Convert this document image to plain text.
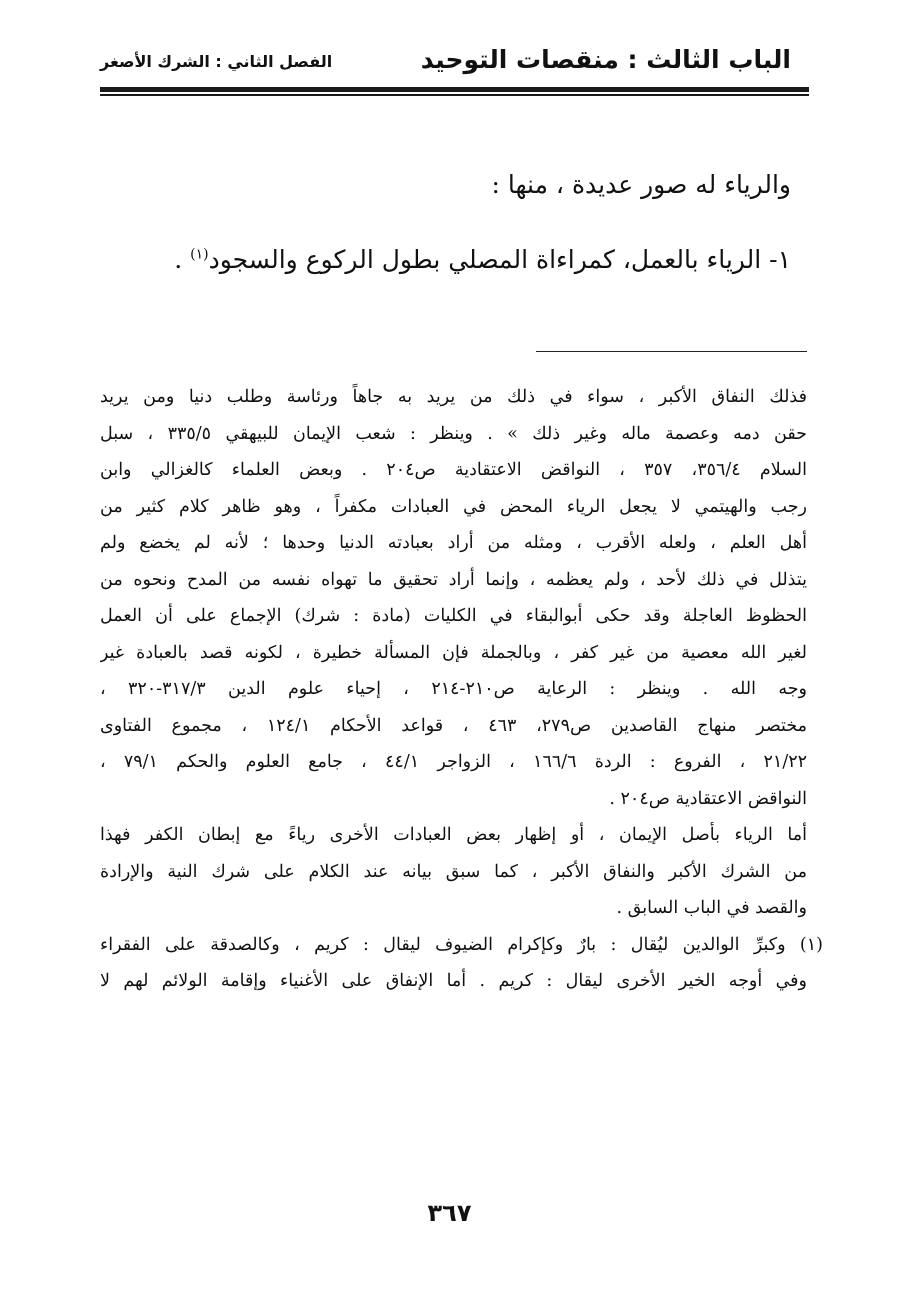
الباب الثالث : منقصات التوحيد
الفصل الثاني : الشرك الأصغر
والرياء له صور عديدة ، منها :
١- الرياء بالعمل، كمراءاة المصلي بطول الركوع والسجود$^{(١)}$ .
فذلك النفاق الأكبر ، سواء في ذلك من يريد به جاهاً ورئاسة وطلب دنيا ومن يريد
حقن دمه وعصمة ماله وغير ذلك » . وينظر : شعب الإيمان للبيهقي ٣٣٥/٥ ، سبل
السلام ٣٥٦/٤، ٣٥٧ ، النواقض الاعتقادية ص٢٠٤ . وبعض العلماء كالغزالي وابن
رجب والهيتمي لا يجعل الرياء المحض في العبادات مكفراً ، وهو ظاهر كلام كثير من
أهل العلم ، ولعله الأقرب ، ومثله من أراد بعبادته الدنيا وحدها ؛ لأنه لم يخضع ولم
يتذلل في ذلك لأحد ، ولم يعظمه ، وإنما أراد تحقيق ما تهواه نفسه من المدح ونحوه من
الحظوظ العاجلة وقد حكى أبوالبقاء في الكليات (مادة : شرك) الإجماع على أن العمل
لغير الله معصية من غير كفر ، وبالجملة فإن المسألة خطيرة ، لكونه قصد بالعبادة غير
وجه الله . وينظر : الرعاية ص٢١٠-٢١٤ ، إحياء علوم الدين ٣١٧/٣-٣٢٠ ،
مختصر منهاج القاصدين ص٢٧٩، ٤٦٣ ، قواعد الأحكام ١٢٤/١ ، مجموع الفتاوى
٢١/٢٢ ، الفروع : الردة ١٦٦/٦ ، الزواجر ٤٤/١ ، جامع العلوم والحكم ٧٩/١ ،
النواقض الاعتقادية ص٢٠٤ .
أما الرياء بأصل الإيمان ، أو إظهار بعض العبادات الأخرى رياءً مع إبطان الكفر فهذا
من الشرك الأكبر والنفاق الأكبر ، كما سبق بيانه عند الكلام على شرك النية والإرادة
والقصد في الباب السابق .
(١) وكبرِّ الوالدين ليُقال : بارٌ وكإكرام الضيوف ليقال : كريم ، وكالصدقة على الفقراء
وفي أوجه الخير الأخرى ليقال : كريم . أما الإنفاق على الأغنياء وإقامة الولائم لهم لا
٣٦٧
